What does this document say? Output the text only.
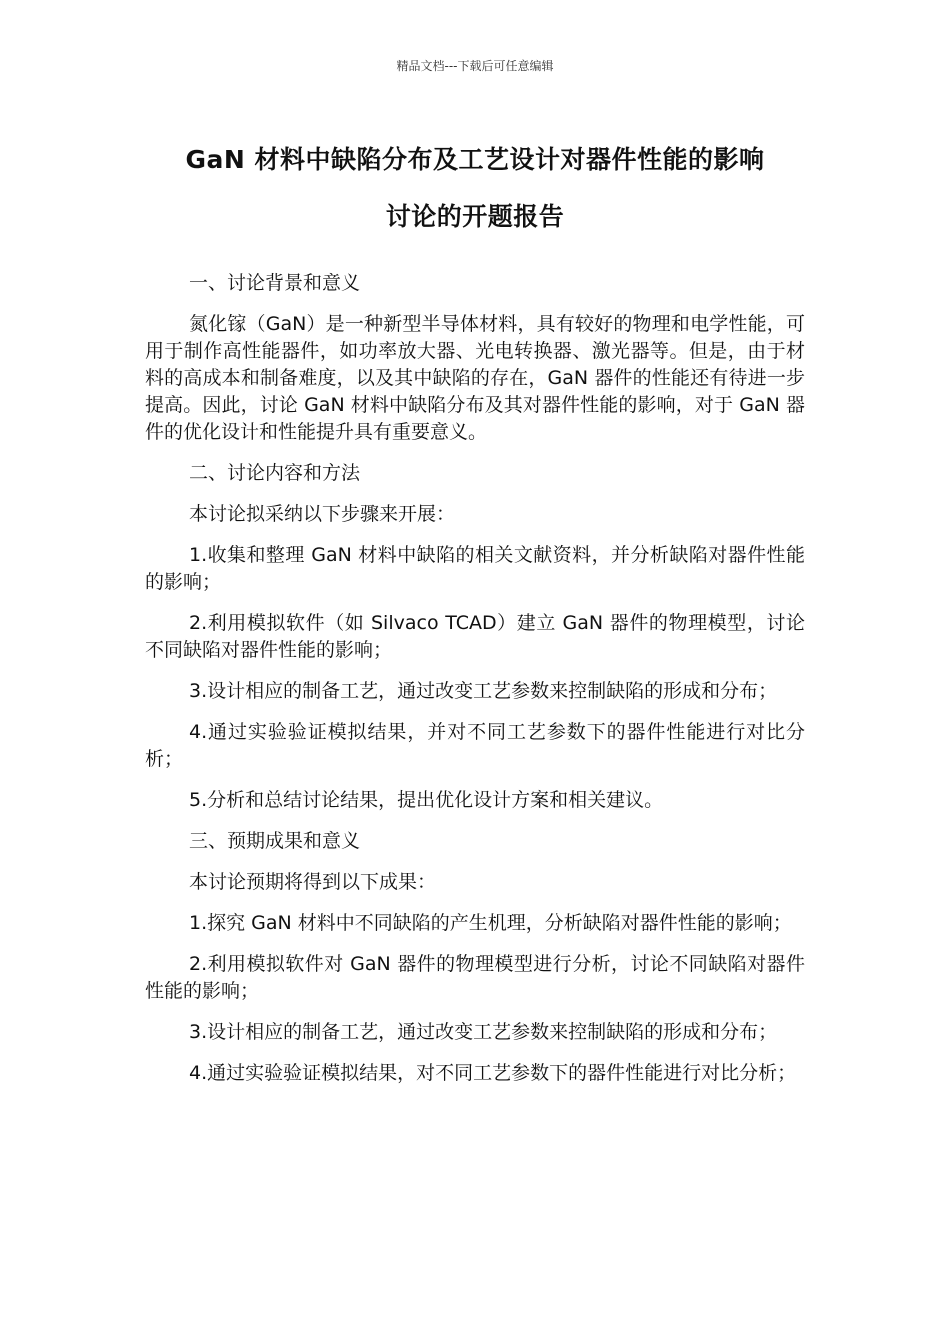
精品文档---下载后可任意编辑
GaN 材料中缺陷分布及工艺设计对器件性能的影响
讨论的开题报告

一、讨论背景和意义

氮化镓（GaN）是一种新型半导体材料，具有较好的物理和电学性能，可用于制作高性能器件，如功率放大器、光电转换器、激光器等。但是，由于材料的高成本和制备难度，以及其中缺陷的存在，GaN 器件的性能还有待进一步提高。因此，讨论 GaN 材料中缺陷分布及其对器件性能的影响，对于 GaN 器件的优化设计和性能提升具有重要意义。

二、讨论内容和方法

本讨论拟采纳以下步骤来开展：

1.收集和整理 GaN 材料中缺陷的相关文献资料，并分析缺陷对器件性能的影响；

2.利用模拟软件（如 Silvaco TCAD）建立 GaN 器件的物理模型，讨论不同缺陷对器件性能的影响；

3.设计相应的制备工艺，通过改变工艺参数来控制缺陷的形成和分布；

4.通过实验验证模拟结果，并对不同工艺参数下的器件性能进行对比分析；

5.分析和总结讨论结果，提出优化设计方案和相关建议。

三、预期成果和意义

本讨论预期将得到以下成果：

1.探究 GaN 材料中不同缺陷的产生机理，分析缺陷对器件性能的影响；

2.利用模拟软件对 GaN 器件的物理模型进行分析，讨论不同缺陷对器件性能的影响；

3.设计相应的制备工艺，通过改变工艺参数来控制缺陷的形成和分布；

4.通过实验验证模拟结果，对不同工艺参数下的器件性能进行对比分析；
